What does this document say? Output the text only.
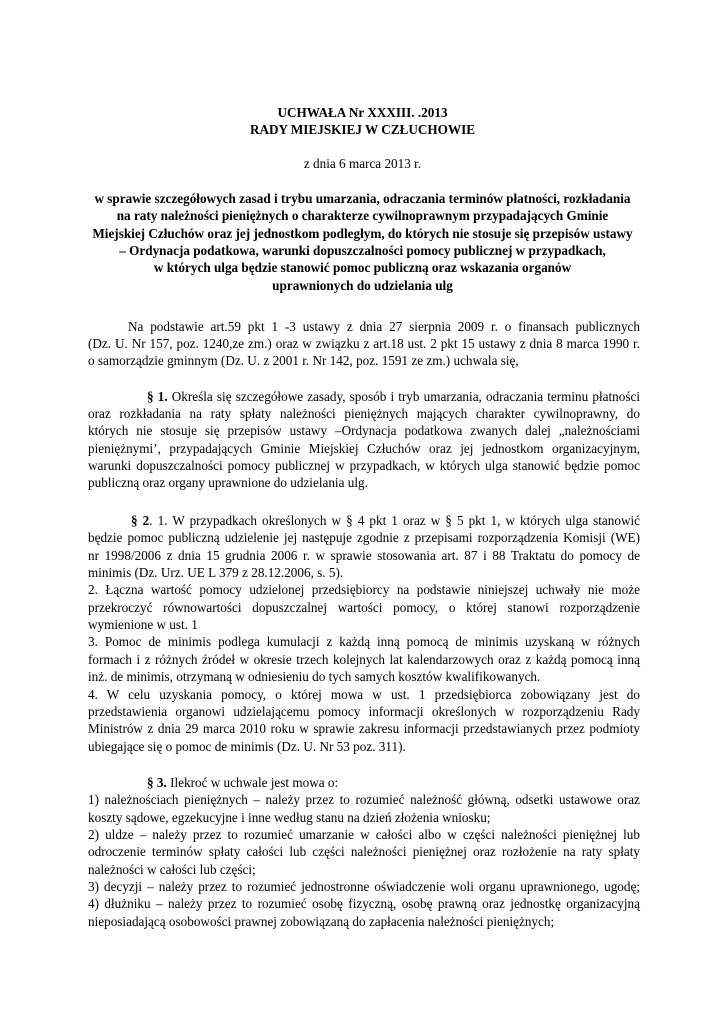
UCHWAŁA Nr XXXIII. .2013
RADY MIEJSKIEJ W CZŁUCHOWIE
z dnia 6 marca 2013 r.
w sprawie szczegółowych zasad i trybu umarzania, odraczania terminów płatności, rozkładania
na raty należności pieniężnych o charakterze cywilnoprawnym przypadających Gminie
Miejskiej Człuchów oraz jej jednostkom podległym, do których nie stosuje się przepisów ustawy
– Ordynacja podatkowa, warunki dopuszczalności pomocy publicznej w przypadkach,
w których ulga będzie stanowić pomoc publiczną oraz wskazania organów
uprawnionych do udzielania ulg
Na podstawie art.59 pkt 1 -3 ustawy z dnia 27 sierpnia 2009 r. o finansach publicznych
(Dz. U. Nr 157, poz. 1240,ze zm.) oraz w związku z art.18 ust. 2 pkt 15 ustawy z dnia 8 marca 1990 r.
o samorządzie gminnym (Dz. U. z 2001 r. Nr 142, poz. 1591 ze zm.) uchwala się,
§ 1. Określa się szczegółowe zasady, sposób i tryb umarzania, odraczania terminu płatności
oraz rozkładania na raty spłaty należności pieniężnych mających charakter cywilnoprawny, do
których nie stosuje się przepisów ustawy –Ordynacja podatkowa zwanych dalej „należnościami
pieniężnymi’, przypadających Gminie Miejskiej Człuchów oraz jej jednostkom organizacyjnym,
warunki dopuszczalności pomocy publicznej w przypadkach, w których ulga stanowić będzie pomoc
publiczną oraz organy uprawnione do udzielania ulg.
§ 2. 1. W przypadkach określonych w § 4 pkt 1 oraz w § 5 pkt 1, w których ulga stanowić
będzie pomoc publiczną udzielenie jej następuje zgodnie z przepisami rozporządzenia Komisji (WE)
nr 1998/2006 z dnia 15 grudnia 2006 r. w sprawie stosowania art. 87 i 88 Traktatu do pomocy de
minimis (Dz. Urz. UE L 379 z 28.12.2006, s. 5).
2. Łączna wartość pomocy udzielonej przedsiębiorcy na podstawie niniejszej uchwały nie może
przekroczyć równowartości dopuszczalnej wartości pomocy, o której stanowi rozporządzenie
wymienione w ust. 1
3. Pomoc de minimis podlega kumulacji z każdą inną pomocą de minimis uzyskaną w różnych
formach i z różnych źródeł w okresie trzech kolejnych lat kalendarzowych oraz z każdą pomocą inną
inż. de minimis, otrzymaną w odniesieniu do tych samych kosztów kwalifikowanych.
4. W celu uzyskania pomocy, o której mowa w ust. 1 przedsiębiorca zobowiązany jest do
przedstawienia organowi udzielającemu pomocy informacji określonych w rozporządzeniu Rady
Ministrów z dnia 29 marca 2010 roku w sprawie zakresu informacji przedstawianych przez podmioty
ubiegające się o pomoc de minimis (Dz. U. Nr 53 poz. 311).
§ 3. Ilekroć w uchwale jest mowa o:
1) należnościach pieniężnych – należy przez to rozumieć należność główną, odsetki ustawowe oraz
koszty sądowe, egzekucyjne i inne według stanu na dzień złożenia wniosku;
2) uldze – należy przez to rozumieć umarzanie w całości albo w części należności pieniężnej lub
odroczenie terminów spłaty całości lub części należności pieniężnej oraz rozłożenie na raty spłaty
należności w całości lub części;
3) decyzji – należy przez to rozumieć jednostronne oświadczenie woli organu uprawnionego, ugodę;
4) dłużniku – należy przez to rozumieć osobę fizyczną, osobę prawną oraz jednostkę organizacyjną
nieposiadającą osobowości prawnej zobowiązaną do zapłacenia należności pieniężnych;
